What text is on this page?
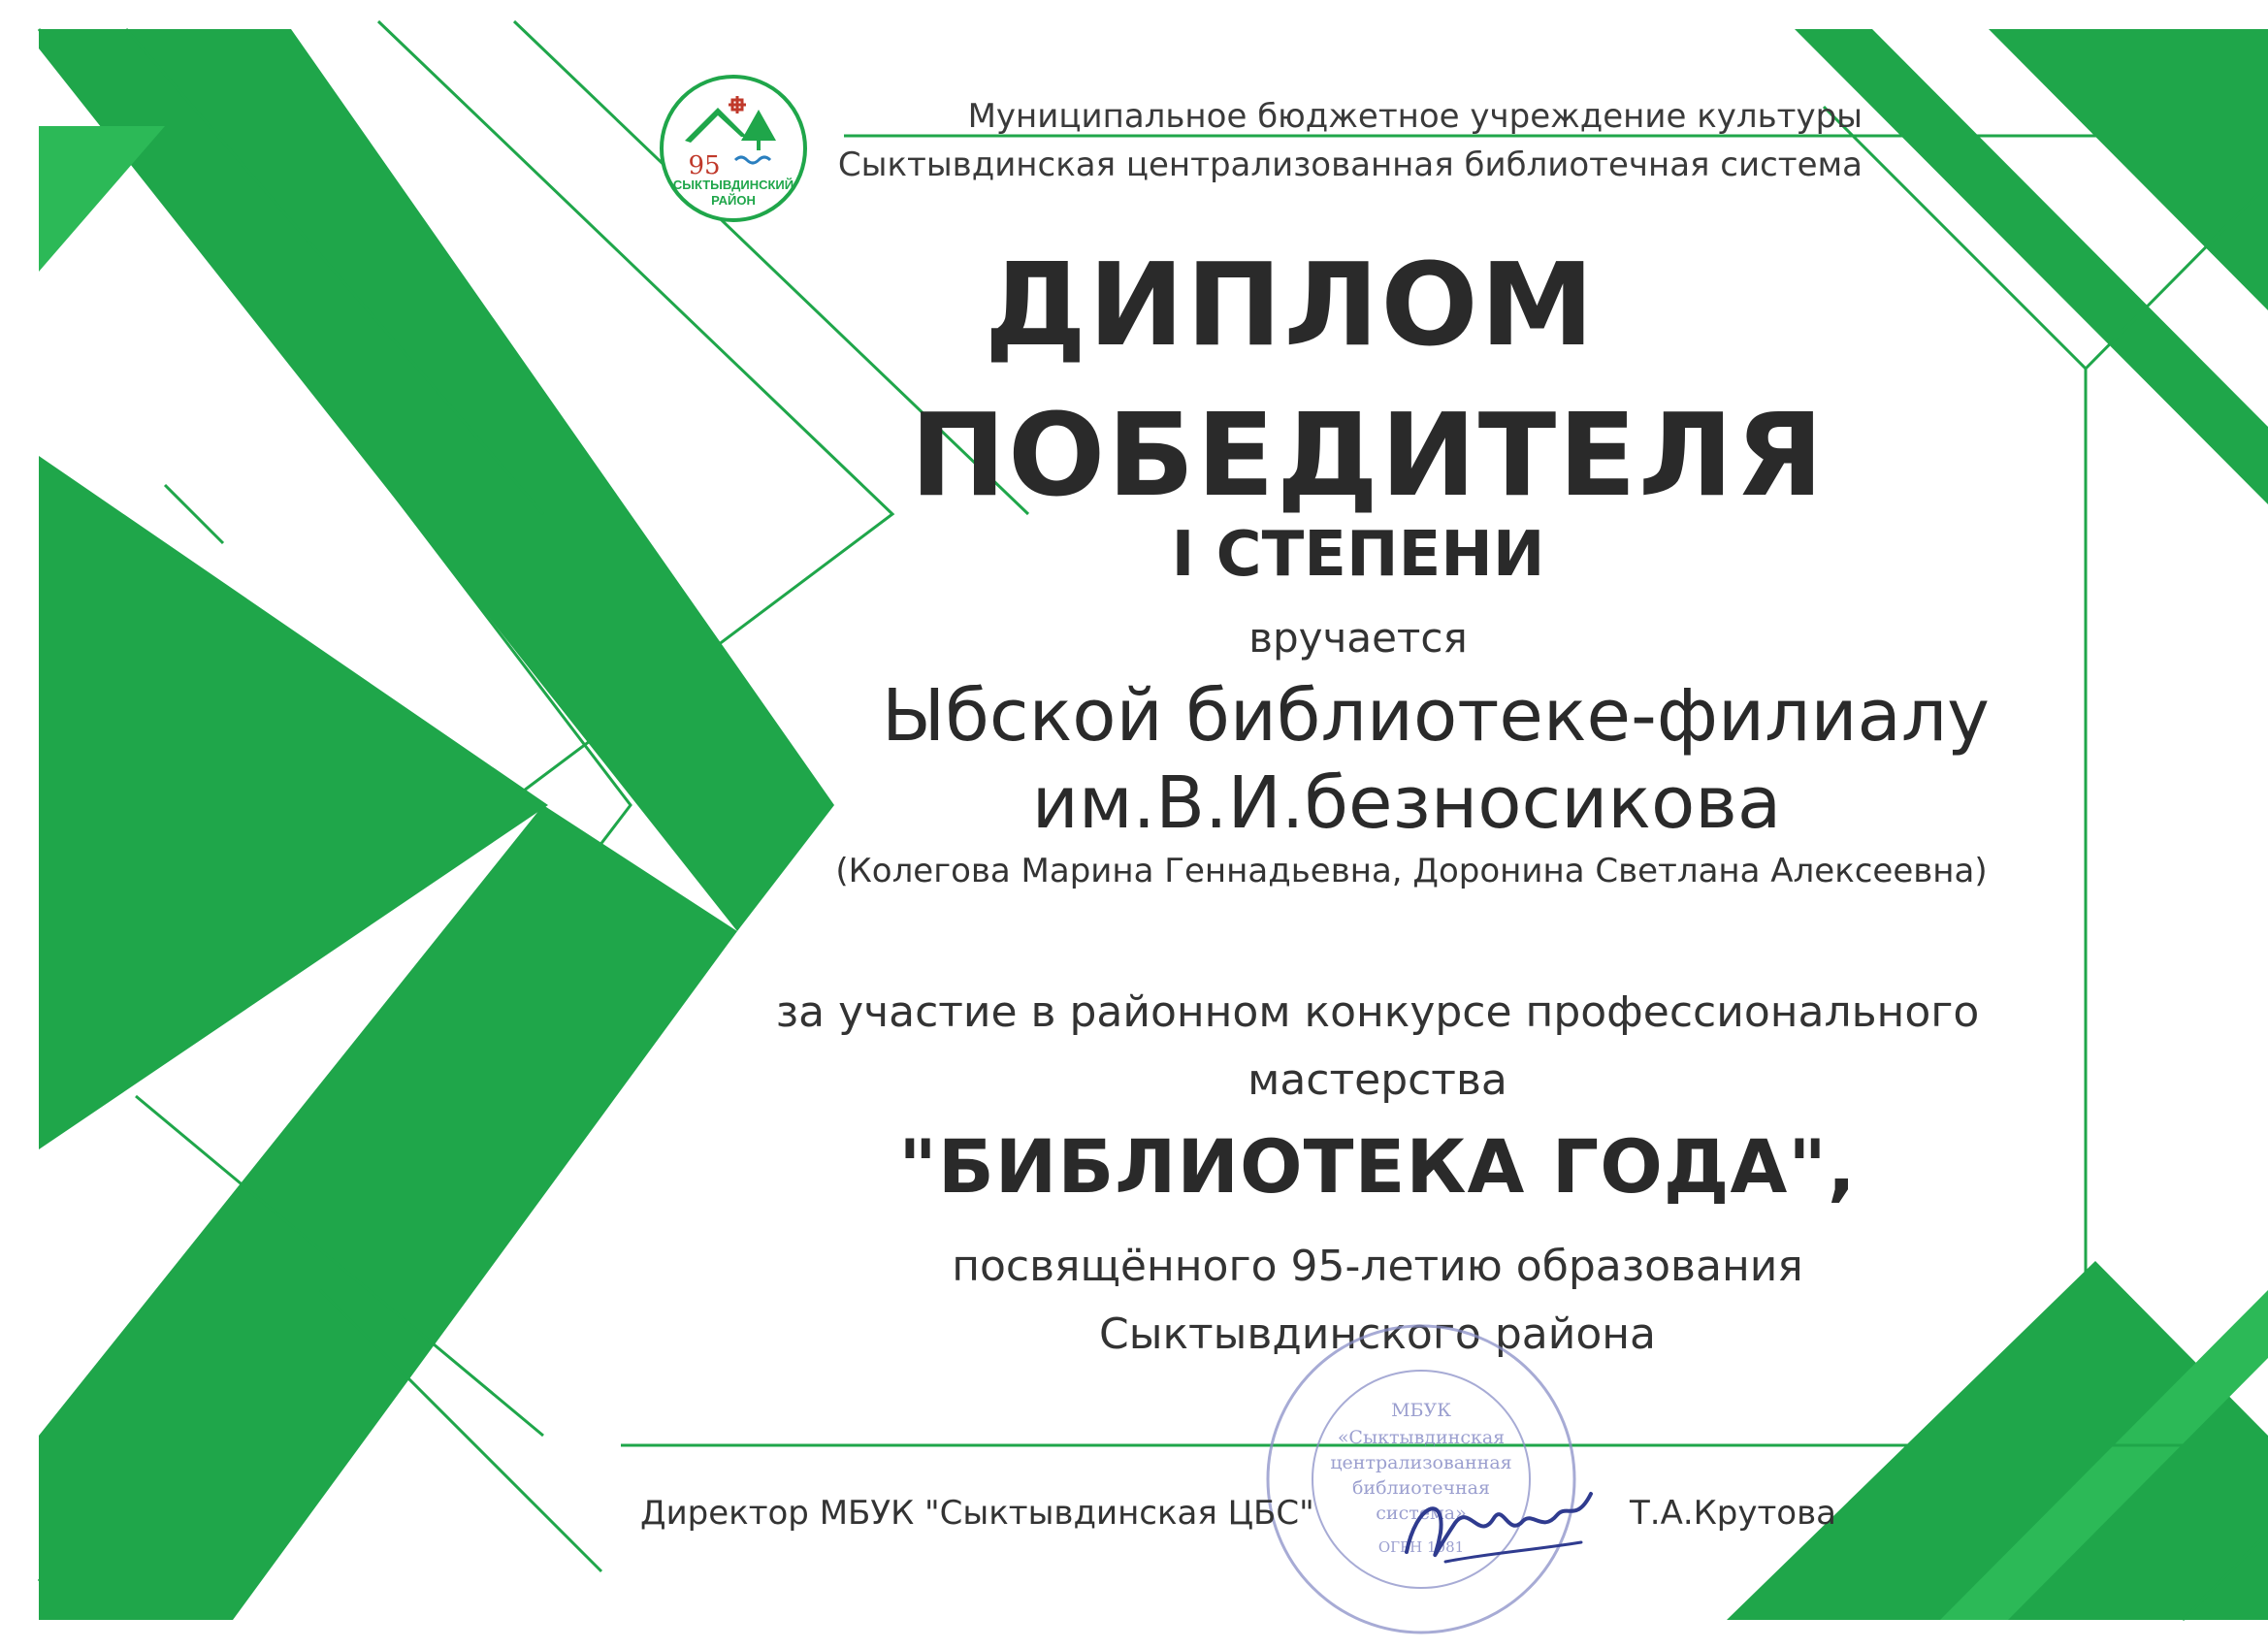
95
СЫКТЫВДИНСКИЙ
РАЙОН

Муниципальное бюджетное учреждение культуры

Сыктывдинская централизованная библиотечная система

ДИПЛОМ
ПОБЕДИТЕЛЯ
I СТЕПЕНИ

вручается

Ыбской библиотеке-филиалу

им.В.И.безносикова

(Колегова Марина Геннадьевна, Доронина Светлана Алексеевна)

за участие в районном конкурсе профессионального

мастерства

"БИБЛИОТЕКА ГОДА",

посвящённого 95-летию образования

Сыктывдинского района

МБУК
«Сыктывдинская
централизованная
библиотечная
система»
ОГРН 1081

Директор МБУК "Сыктывдинская ЦБС"	Т.А.Крутова
